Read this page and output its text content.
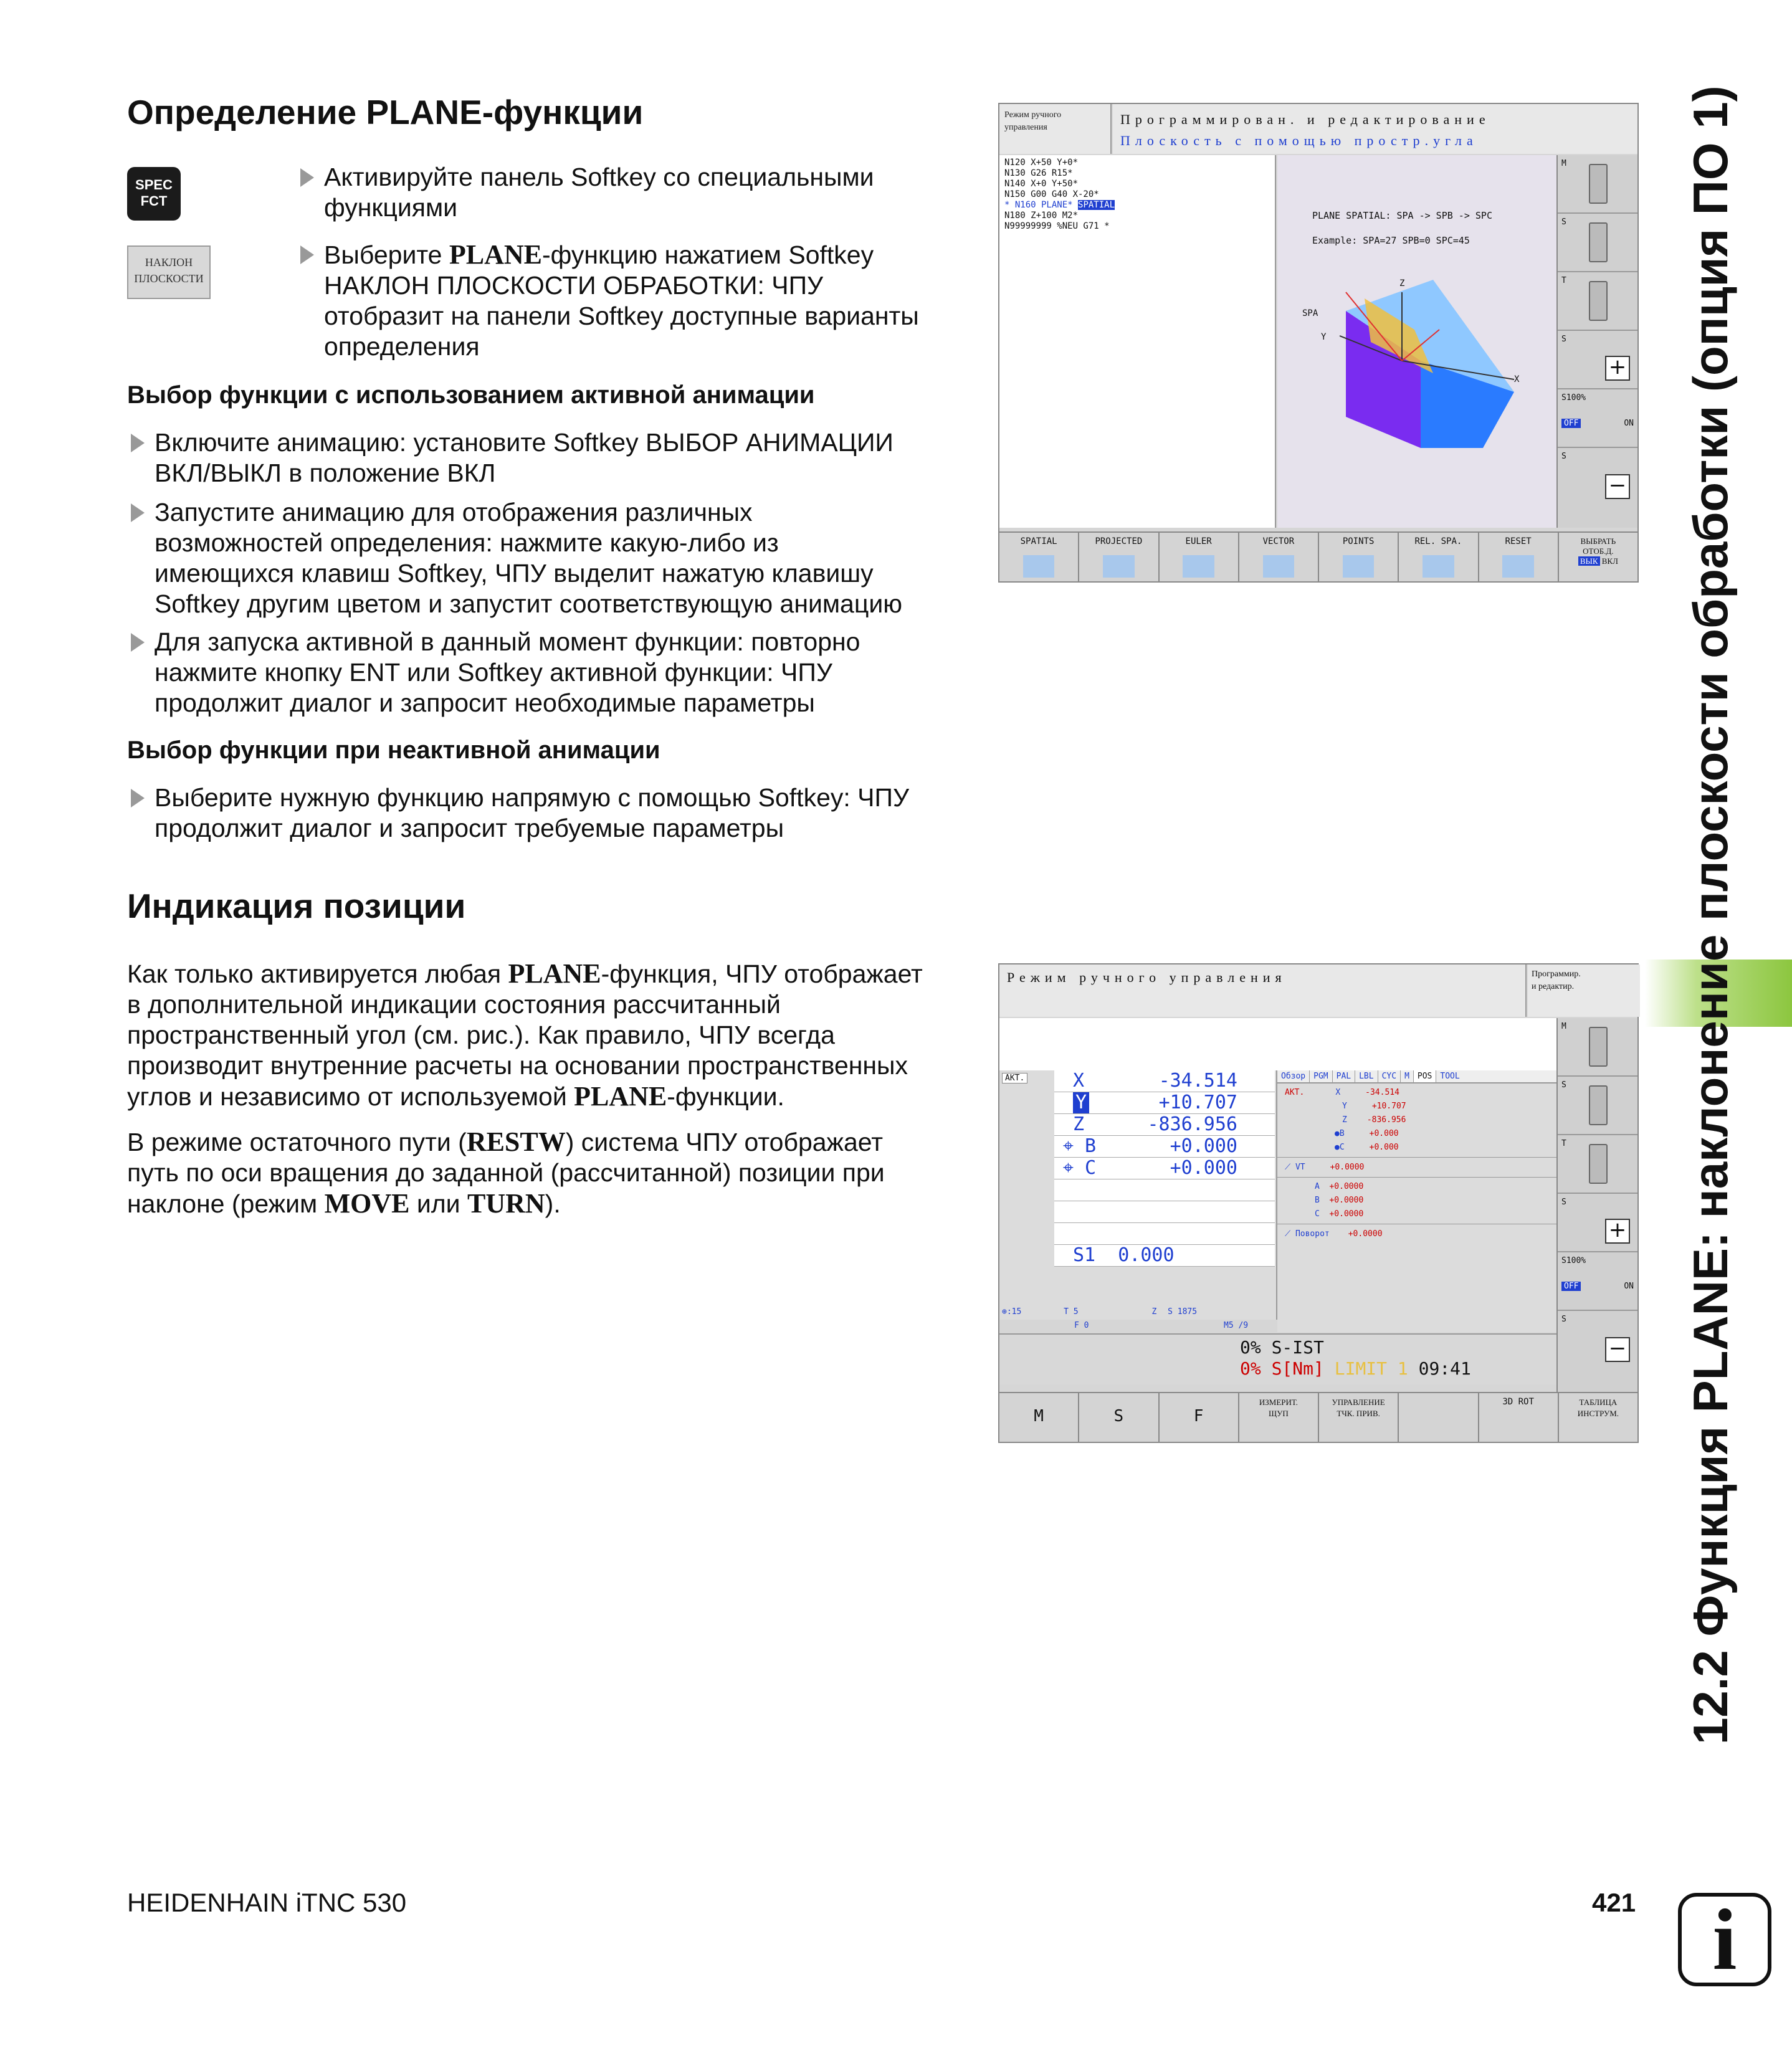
Определение PLANE-функции
SPEC
FCT
Активируйте панель Softkey со специальными
функциями
НАКЛОН
ПЛОСКОСТИ
Выберите PLANE-функцию нажатием Softkey
НАКЛОН ПЛОСКОСТИ ОБРАБОТКИ: ЧПУ
отобразит на панели Softkey доступные варианты
определения
Выбор функции с использованием активной анимации
Включите анимацию: установите Softkey ВЫБОР АНИМАЦИИ
ВКЛ/ВЫКЛ в положение ВКЛ
Запустите анимацию для отображения различных
возможностей определения: нажмите какую-либо из
имеющихся клавиш Softkey, ЧПУ выделит нажатую клавишу
Softkey другим цветом и запустит соответствующую анимацию
Для запуска активной в данный момент функции: повторно
нажмите кнопку ENT или Softkey активной функции: ЧПУ
продолжит диалог и запросит необходимые параметры
Выбор функции при неактивной анимации
Выберите нужную функцию напрямую с помощью Softkey: ЧПУ
продолжит диалог и запросит требуемые параметры
Индикация позиции
Как только активируется любая PLANE-функция, ЧПУ отображает
в дополнительной индикации состояния рассчитанный
пространственный угол (см. рис.). Как правило, ЧПУ всегда
производит внутренние расчеты на основании пространственных
углов и независимо от используемой PLANE-функции.
В режиме остаточного пути (RESTW) система ЧПУ отображает
путь по оси вращения до заданной (рассчитанной) позиции при
наклоне (режим MOVE или TURN).
Режим ручного
управления
Программирован. и редактирование
Плоскость с помощью простр.угла
N120 X+50 Y+0*
N130 G26 R15*
N140 X+0 Y+50*
N150 G00 G40 X-20*
* N160 PLANE* SPATIAL
N180 Z+100 M2*
N99999999 %NEU G71 *
PLANE SPATIAL: SPA -> SPB -> SPC
Example: SPA=27 SPB=0 SPC=45
Z
X
Y
SPA
M
S
T
S
+
S100%
OFF	ON
S
−
SPATIAL	PROJECTED	EULER	VECTOR	POINTS	REL. SPA.	RESET	ВЫБРАТЬ
ОТОБ.Д.
ВЫК ВКЛ
Режим ручного управления	Программир.
и редактир.
АКТ.	X	-34.514
Y	+10.707
Z	-836.956
⌖ B	+0.000
⌖ C	+0.000
S1 0.000
⊕:15	T 5	Z S 1875
F 0	M5 /9
Обзор	PGM	PAL	LBL	CYC	M	POS	TOOL
АКТ.	X	-34.514
Y	+10.707
Z -836.956
●B	+0.000
●C	+0.000
⟋ VT	+0.0000
A +0.0000
B +0.0000
C +0.0000
⟋ Поворот +0.0000
0% S-IST
0% S[Nm] LIMIT 1 09:41
M
S
T
S
+
S100%
OFF	ON
S
−
M	S	F
ИЗМЕРИТ.
ЩУП
УПРАВЛЕНИЕ
ТЧК. ПРИВ.
3D ROT	ТАБЛИЦА
ИНСТРУМ.	12.2 Функция PLANE: наклонение плоскости обработки (опция ПО 1)
HEIDENHAIN iTNC 530	421 i
